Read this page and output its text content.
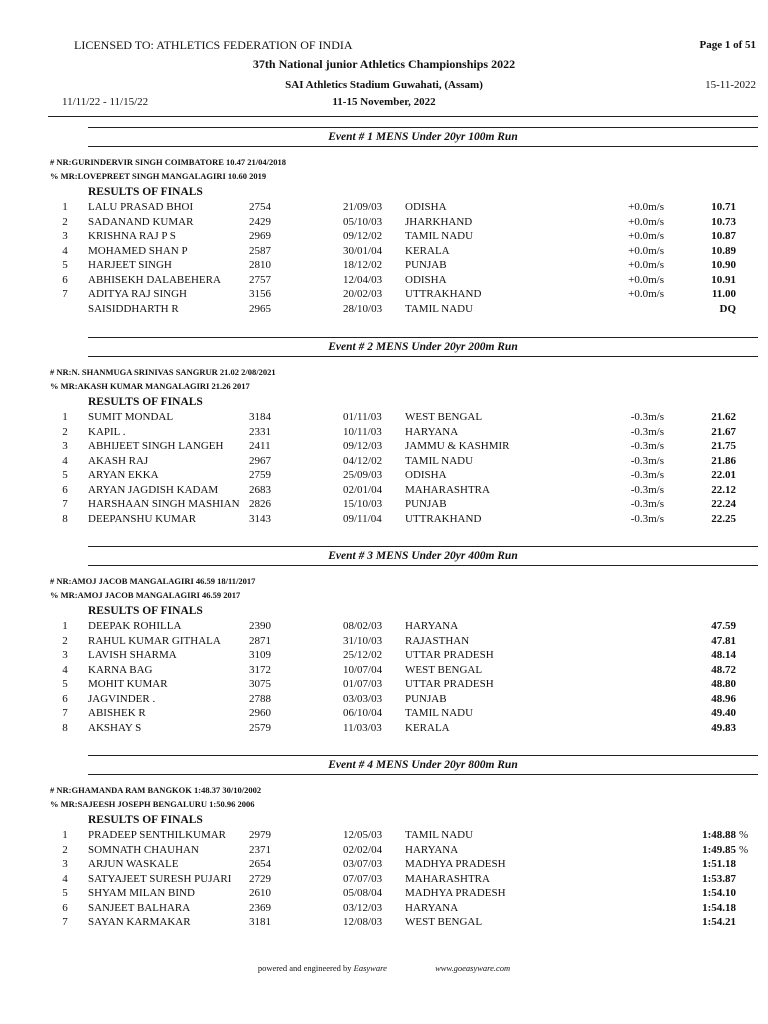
LICENSED TO: ATHLETICS FEDERATION OF INDIA	Page 1 of 51
37th National junior Athletics Championships 2022
SAI Athletics Stadium Guwahati, (Assam)	15-11-2022
11/11/22 - 11/15/22	11-15 November, 2022
Event # 1 MENS Under 20yr 100m Run
# NR:GURINDERVIR SINGH COIMBATORE 10.47 21/04/2018
% MR:LOVEPREET SINGH MANGALAGIRI 10.60 2019
RESULTS OF FINALS
1	LALU PRASAD BHOI	2754	21/09/03 ODISHA	+0.0m/s	10.71
2	SADANAND KUMAR	2429	05/10/03 JHARKHAND	+0.0m/s	10.73
3	KRISHNA RAJ P S	2969	09/12/02 TAMIL NADU	+0.0m/s	10.87
4	MOHAMED SHAN P	2587	30/01/04 KERALA	+0.0m/s	10.89
5	HARJEET SINGH	2810	18/12/02 PUNJAB	+0.0m/s	10.90
6	ABHISEKH DALABEHERA	2757	12/04/03 ODISHA	+0.0m/s	10.91
7	ADITYA RAJ SINGH	3156	20/02/03 UTTRAKHAND	+0.0m/s	11.00
SAISIDDHARTH R	2965	28/10/03 TAMIL NADU	DQ
Event # 2 MENS Under 20yr 200m Run
# NR:N. SHANMUGA SRINIVAS SANGRUR 21.02 2/08/2021
% MR:AKASH KUMAR MANGALAGIRI 21.26 2017
RESULTS OF FINALS
1	SUMIT MONDAL	3184	01/11/03 WEST BENGAL	-0.3m/s	21.62
2	KAPIL .	2331	10/11/03 HARYANA	-0.3m/s	21.67
3	ABHIJEET SINGH LANGEH 2411	09/12/03 JAMMU & KASHMIR	-0.3m/s	21.75
4	AKASH RAJ	2967	04/12/02 TAMIL NADU	-0.3m/s	21.86
5	ARYAN EKKA	2759	25/09/03 ODISHA	-0.3m/s	22.01
6	ARYAN JAGDISH KADAM	2683	02/01/04 MAHARASHTRA	-0.3m/s	22.12
7	HARSHAAN SINGH MASHIAN 2826	15/10/03 PUNJAB	-0.3m/s	22.24
8	DEEPANSHU KUMAR	3143	09/11/04 UTTRAKHAND	-0.3m/s	22.25
Event # 3 MENS Under 20yr 400m Run
# NR:AMOJ JACOB MANGALAGIRI 46.59 18/11/2017
% MR:AMOJ JACOB MANGALAGIRI 46.59 2017
RESULTS OF FINALS
1	DEEPAK ROHILLA	2390	08/02/03 HARYANA	47.59
2	RAHUL KUMAR GITHALA	2871	31/10/03 RAJASTHAN	47.81
3	LAVISH SHARMA	3109	25/12/02 UTTAR PRADESH	48.14
4	KARNA BAG	3172	10/07/04 WEST BENGAL	48.72
5	MOHIT KUMAR	3075	01/07/03 UTTAR PRADESH	48.80
6	JAGVINDER .	2788	03/03/03 PUNJAB	48.96
7	ABISHEK R	2960	06/10/04 TAMIL NADU	49.40
8	AKSHAY S	2579	11/03/03 KERALA	49.83
Event # 4 MENS Under 20yr 800m Run
# NR:GHAMANDA RAM BANGKOK 1:48.37 30/10/2002
% MR:SAJEESH JOSEPH BENGALURU 1:50.96 2006
RESULTS OF FINALS
1	PRADEEP SENTHILKUMAR 2979	12/05/03 TAMIL NADU	1:48.88 %
2	SOMNATH CHAUHAN	2371	02/02/04 HARYANA	1:49.85 %
3	ARJUN WASKALE	2654	03/07/03 MADHYA PRADESH	1:51.18
4	SATYAJEET SURESH PUJARI 2729	07/07/03 MAHARASHTRA	1:53.87
5	SHYAM MILAN BIND	2610	05/08/04 MADHYA PRADESH	1:54.10
6	SANJEET BALHARA	2369	03/12/03 HARYANA	1:54.18
7	SAYAN KARMAKAR	3181	12/08/03 WEST BENGAL	1:54.21
powered and engineered by Easyware	www.goeasyware.com
